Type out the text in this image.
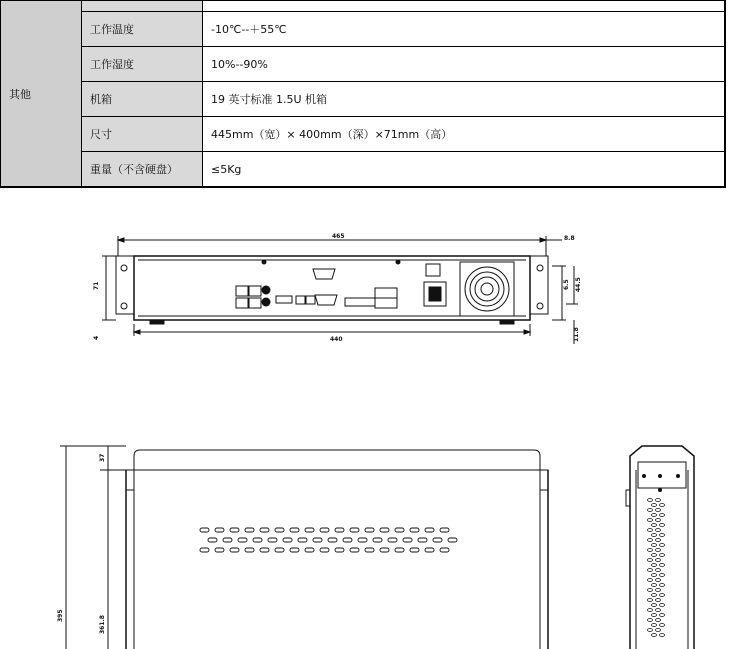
其他		
	工作温度	-10℃--＋55℃
	工作湿度	10%--90%
	机箱	19 英寸标准 1.5U 机箱
	尺寸	445mm（宽）× 400mm（深）×71mm（高）
	重量（不含硬盘）	≤5Kg
465
440
8.8
71
4
6.5 44.5
11.8
37
395	361.8
